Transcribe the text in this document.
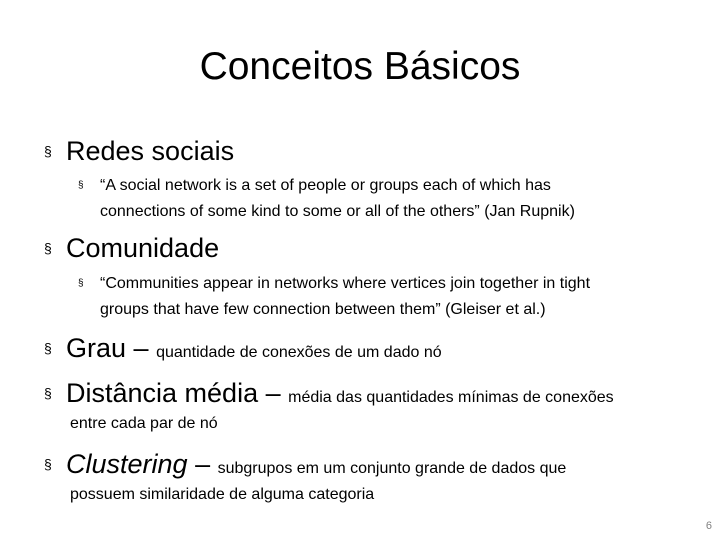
Conceitos Básicos
§ Redes sociais
§	“A social network is a set of people or groups each of which has
connections of some kind to some or all of the others” (Jan Rupnik)
§ Comunidade
§	“Communities appear in networks where vertices join together in tight
groups that have few connection between them” (Gleiser et al.)
§ Grau – quantidade de conexões de um dado nó
§ Distância média – média das quantidades mínimas de conexões
entre cada par de nó
§ Clustering – subgrupos em um conjunto grande de dados que
possuem similaridade de alguma categoria
6
